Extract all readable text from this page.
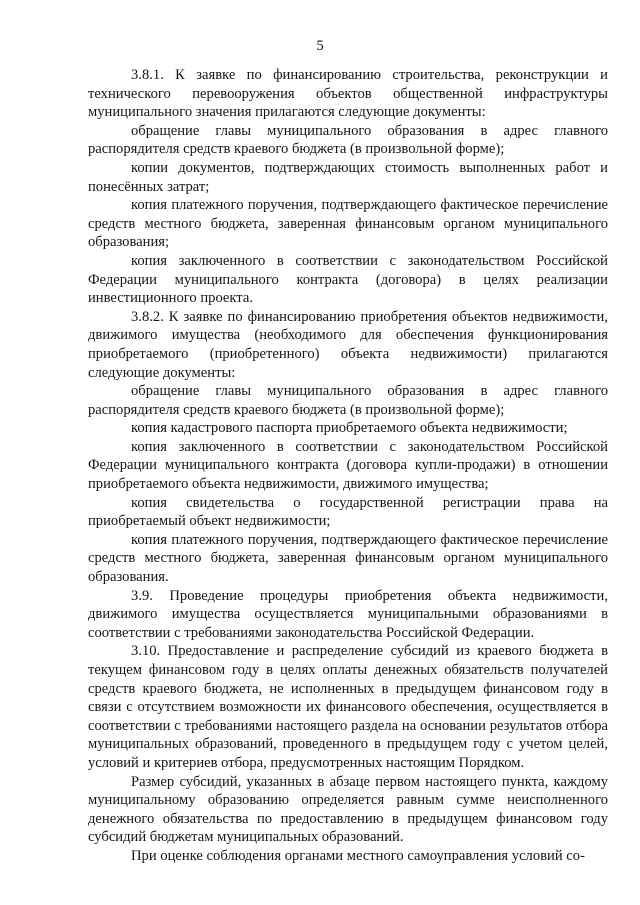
5

3.8.1. К заявке по финансированию строительства, реконструкции и технического перевооружения объектов общественной инфраструктуры муниципального значения прилагаются следующие документы:

обращение главы муниципального образования в адрес главного распорядителя средств краевого бюджета (в произвольной форме);

копии документов, подтверждающих стоимость выполненных работ и понесённых затрат;

копия платежного поручения, подтверждающего фактическое перечисление средств местного бюджета, заверенная финансовым органом муниципального образования;

копия заключенного в соответствии с законодательством Российской Федерации муниципального контракта (договора) в целях реализации инвестиционного проекта.

3.8.2. К заявке по финансированию приобретения объектов недвижимости, движимого имущества (необходимого для обеспечения функционирования приобретаемого (приобретенного) объекта недвижимости) прилагаются следующие документы:

обращение главы муниципального образования в адрес главного распорядителя средств краевого бюджета (в произвольной форме);

копия кадастрового паспорта приобретаемого объекта недвижимости;

копия заключенного в соответствии с законодательством Российской Федерации муниципального контракта (договора купли-продажи) в отношении приобретаемого объекта недвижимости, движимого имущества;

копия свидетельства о государственной регистрации права на приобретаемый объект недвижимости;

копия платежного поручения, подтверждающего фактическое перечисление средств местного бюджета, заверенная финансовым органом муниципального образования.

3.9. Проведение процедуры приобретения объекта недвижимости, движимого имущества осуществляется муниципальными образованиями в соответствии с требованиями законодательства Российской Федерации.

3.10. Предоставление и распределение субсидий из краевого бюджета в текущем финансовом году в целях оплаты денежных обязательств получателей средств краевого бюджета, не исполненных в предыдущем финансовом году в связи с отсутствием возможности их финансового обеспечения, осуществляется в соответствии с требованиями настоящего раздела на основании результатов отбора муниципальных образований, проведенного в предыдущем году с учетом целей, условий и критериев отбора, предусмотренных настоящим Порядком.

Размер субсидий, указанных в абзаце первом настоящего пункта, каждому муниципальному образованию определяется равным сумме неисполненного денежного обязательства по предоставлению в предыдущем финансовом году субсидий бюджетам муниципальных образований.

При оценке соблюдения органами местного самоуправления условий со-
